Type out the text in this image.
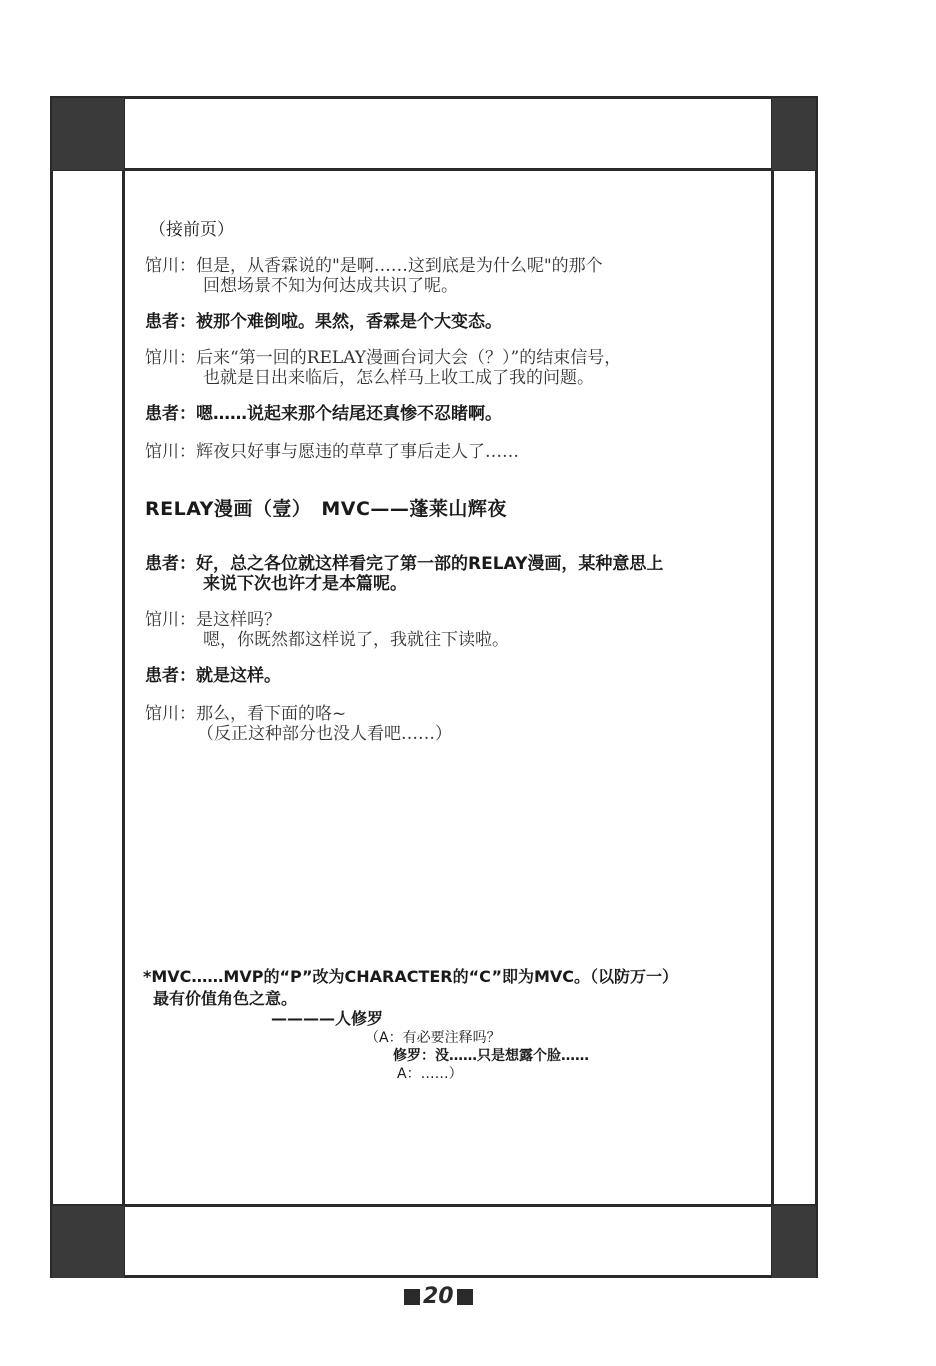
（接前页）
馆川：但是，从香霖说的"是啊……这到底是为什么呢"的那个
回想场景不知为何达成共识了呢。
患者：被那个难倒啦。果然，香霖是个大变态。
馆川：后来“第一回的RELAY漫画台词大会（？）”的结束信号，
也就是日出来临后，怎么样马上收工成了我的问题。
患者：嗯……说起来那个结尾还真惨不忍睹啊。
馆川：辉夜只好事与愿违的草草了事后走人了……
RELAY漫画（壹）　MVC——蓬莱山辉夜
患者：好，总之各位就这样看完了第一部的RELAY漫画，某种意思上
来说下次也许才是本篇呢。
馆川：是这样吗？
嗯，你既然都这样说了，我就往下读啦。
患者：就是这样。
馆川：那么，看下面的咯~
（反正这种部分也没人看吧……）
*MVC……MVP的“P”改为CHARACTER的“C”即为MVC。（以防万一）
最有价值角色之意。
————人修罗
（A：有必要注释吗？
修罗：没……只是想露个脸……
A：……）
20
